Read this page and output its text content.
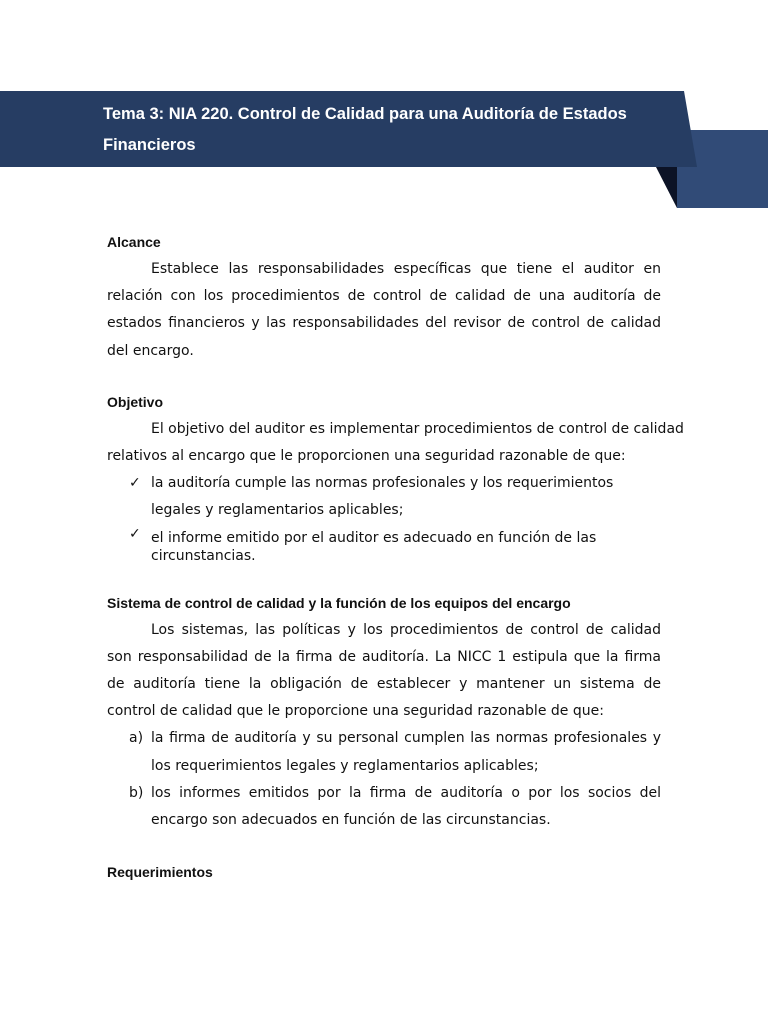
Tema 3: NIA 220. Control de Calidad para una Auditoría de Estados Financieros
Alcance

Establece las responsabilidades específicas que tiene el auditor en relación con los procedimientos de control de calidad de una auditoría de estados financieros y las responsabilidades del revisor de control de calidad del encargo.

Objetivo

El objetivo del auditor es implementar procedimientos de control de calidad relativos al encargo que le proporcionen una seguridad razonable de que:

✓ la auditoría cumple las normas profesionales y los requerimientos legales y reglamentarios aplicables;
✓ el informe emitido por el auditor es adecuado en función de las circunstancias.
Sistema de control de calidad y la función de los equipos del encargo

Los sistemas, las políticas y los procedimientos de control de calidad son responsabilidad de la firma de auditoría. La NICC 1 estipula que la firma de auditoría tiene la obligación de establecer y mantener un sistema de control de calidad que le proporcione una seguridad razonable de que:

a) la firma de auditoría y su personal cumplen las normas profesionales y los requerimientos legales y reglamentarios aplicables;
b) los informes emitidos por la firma de auditoría o por los socios del encargo son adecuados en función de las circunstancias.
Requerimientos
